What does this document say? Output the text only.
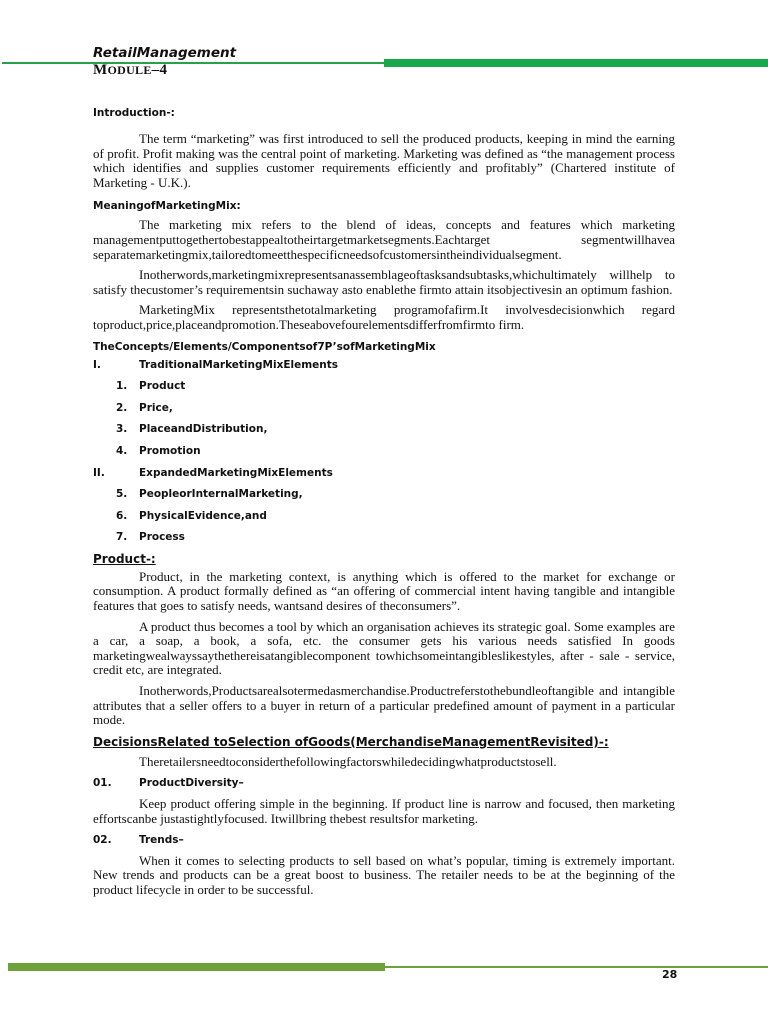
RetailManagement
MODULE–4

Introduction-:

The term “marketing” was first introduced to sell the produced products, keeping in mind the earning of profit. Profit making was the central point of marketing. Marketing was defined as “the management process which identifies and supplies customer requirements efficiently and profitably” (Chartered institute of Marketing - U.K.).

MeaningofMarketingMix:

The marketing mix refers to the blend of ideas, concepts and features which marketing managementputtogethertobestappealtotheirtargetmarketsegments.Eachtarget segmentwillhavea separatemarketingmix,tailoredtomeetthespecificneedsofcustomersintheindividualsegment.

Inotherwords,marketingmixrepresentsanassemblageoftasksandsubtasks,whichultimately willhelp to satisfy thecustomer’s requirementsin suchaway asto enablethe firmto attain itsobjectivesin an optimum fashion.

MarketingMix representsthetotalmarketing programofafirm.It involvesdecisionwhich regard toproduct,price,placeandpromotion.Theseabovefourelementsdifferfromfirmto firm.

TheConcepts/Elements/Componentsof7P’sofMarketingMix

I.	TraditionalMarketingMixElements
1. Product
2. Price,
3. PlaceandDistribution,
4. Promotion
II.	ExpandedMarketingMixElements
5. PeopleorInternalMarketing,
6. PhysicalEvidence,and
7. Process

Product-:

Product, in the marketing context, is anything which is offered to the market for exchange or consumption. A product formally defined as “an offering of commercial intent having tangible and intangible features that goes to satisfy needs, wantsand desires of theconsumers”.

A product thus becomes a tool by which an organisation achieves its strategic goal. Some examples are a car, a soap, a book, a sofa, etc. the consumer gets his various needs satisfied In goods marketingwealwayssaythethereisatangiblecomponent towhichsomeintangibleslikestyles, after - sale - service, credit etc, are integrated.

Inotherwords,Productsarealsotermedasmerchandise.Productreferstothebundleoftangible and intangible attributes that a seller offers to a buyer in return of a particular predefined amount of payment in a particular mode.

DecisionsRelated toSelection ofGoods(MerchandiseManagementRevisited)-:

Theretailersneedtoconsiderthefollowingfactorswhiledecidingwhatproductstosell.

01.	ProductDiversity–

Keep product offering simple in the beginning. If product line is narrow and focused, then marketing effortscanbe justastightlyfocused. Itwillbring thebest resultsfor marketing.

02.	Trends–

When it comes to selecting products to sell based on what’s popular, timing is extremely important. New trends and products can be a great boost to business. The retailer needs to be at the beginning of the product lifecycle in order to be successful.

28
